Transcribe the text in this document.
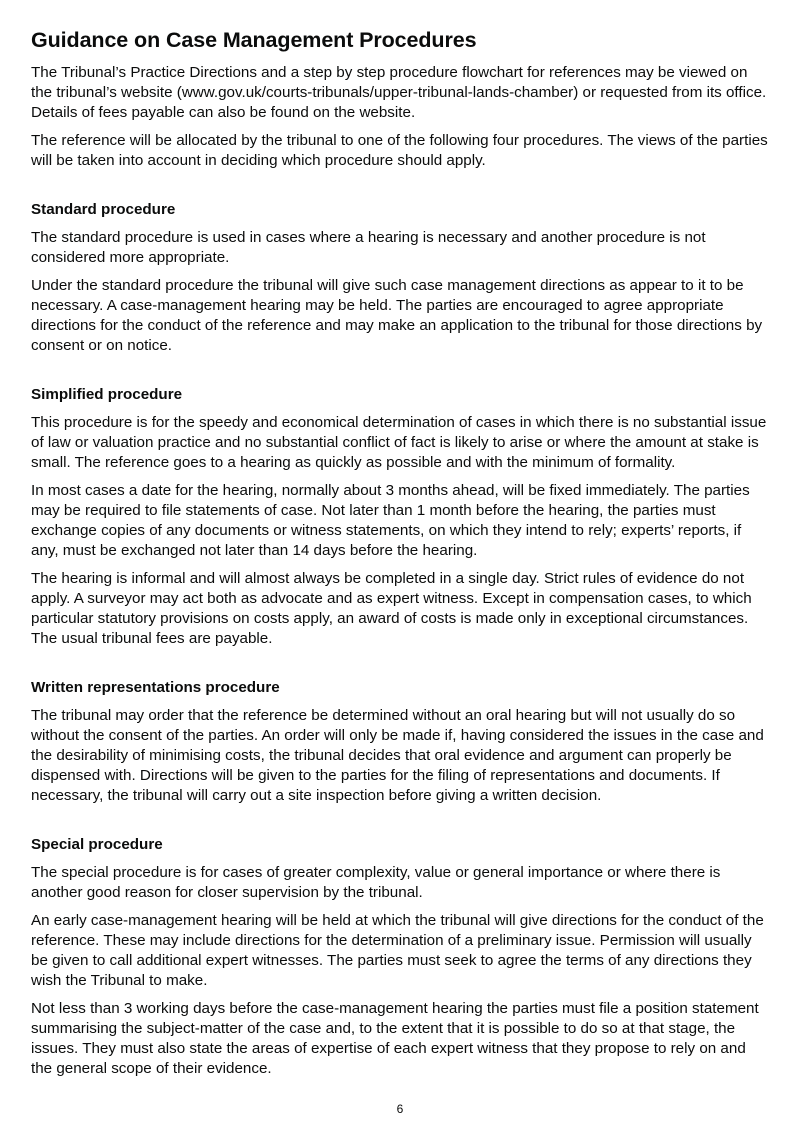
Guidance on Case Management Procedures

The Tribunal’s Practice Directions and a step by step procedure flowchart for references may be viewed on the tribunal’s website (www.gov.uk/courts-tribunals/upper-tribunal-lands-chamber) or requested from its office. Details of fees payable can also be found on the website.

The reference will be allocated by the tribunal to one of the following four procedures. The views of the parties will be taken into account in deciding which procedure should apply.

Standard procedure

The standard procedure is used in cases where a hearing is necessary and another procedure is not considered more appropriate.

Under the standard procedure the tribunal will give such case management directions as appear to it to be necessary. A case-management hearing may be held. The parties are encouraged to agree appropriate directions for the conduct of the reference and may make an application to the tribunal for those directions by consent or on notice.

Simplified procedure

This procedure is for the speedy and economical determination of cases in which there is no substantial issue of law or valuation practice and no substantial conflict of fact is likely to arise or where the amount at stake is small. The reference goes to a hearing as quickly as possible and with the minimum of formality.

In most cases a date for the hearing, normally about 3 months ahead, will be fixed immediately. The parties may be required to file statements of case. Not later than 1 month before the hearing, the parties must exchange copies of any documents or witness statements, on which they intend to rely; experts’ reports, if any, must be exchanged not later than 14 days before the hearing.

The hearing is informal and will almost always be completed in a single day. Strict rules of evidence do not apply. A surveyor may act both as advocate and as expert witness. Except in compensation cases, to which particular statutory provisions on costs apply, an award of costs is made only in exceptional circumstances. The usual tribunal fees are payable.

Written representations procedure

The tribunal may order that the reference be determined without an oral hearing but will not usually do so without the consent of the parties. An order will only be made if, having considered the issues in the case and the desirability of minimising costs, the tribunal decides that oral evidence and argument can properly be dispensed with. Directions will be given to the parties for the filing of representations and documents. If necessary, the tribunal will carry out a site inspection before giving a written decision.

Special procedure

The special procedure is for cases of greater complexity, value or general importance or where there is another good reason for closer supervision by the tribunal.

An early case-management hearing will be held at which the tribunal will give directions for the conduct of the reference. These may include directions for the determination of a preliminary issue. Permission will usually be given to call additional expert witnesses. The parties must seek to agree the terms of any directions they wish the Tribunal to make.

Not less than 3 working days before the case-management hearing the parties must file a position statement summarising the subject-matter of the case and, to the extent that it is possible to do so at that stage, the issues. They must also state the areas of expertise of each expert witness that they propose to rely on and the general scope of their evidence.

6
